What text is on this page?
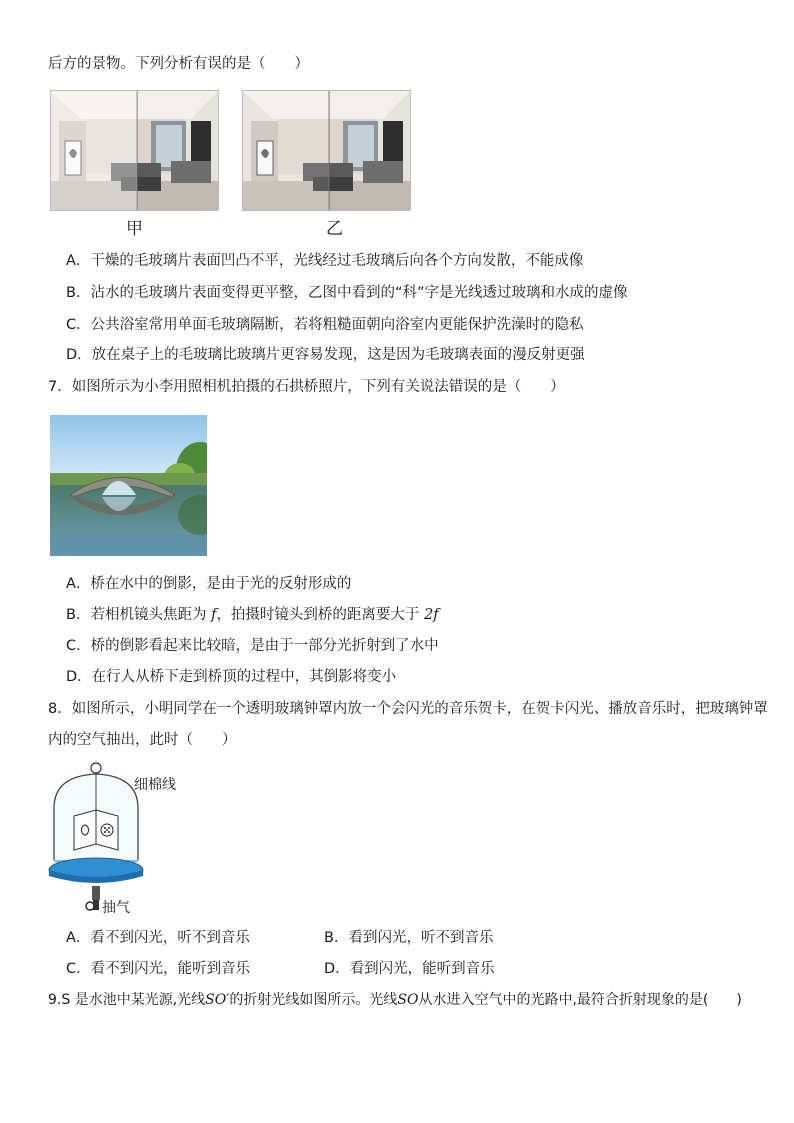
后方的景物。下列分析有误的是（　　）
甲	乙
A．干燥的毛玻璃片表面凹凸不平，光线经过毛玻璃后向各个方向发散，不能成像
B．沾水的毛玻璃片表面变得更平整，乙图中看到的“科”字是光线透过玻璃和水成的虚像
C．公共浴室常用单面毛玻璃隔断，若将粗糙面朝向浴室内更能保护洗澡时的隐私
D．放在桌子上的毛玻璃比玻璃片更容易发现，这是因为毛玻璃表面的漫反射更强
7．如图所示为小李用照相机拍摄的石拱桥照片，下列有关说法错误的是（　　）
A．桥在水中的倒影，是由于光的反射形成的
B．若相机镜头焦距为 f，拍摄时镜头到桥的距离要大于 2f
C．桥的倒影看起来比较暗，是由于一部分光折射到了水中
D．在行人从桥下走到桥顶的过程中，其倒影将变小
8．如图所示，小明同学在一个透明玻璃钟罩内放一个会闪光的音乐贺卡，在贺卡闪光、播放音乐时，把玻璃钟罩
内的空气抽出，此时（　　）
细棉线
抽气
A．看不到闪光，听不到音乐	B．看到闪光，听不到音乐
C．看不到闪光，能听到音乐	D．看到闪光，能听到音乐
9.S 是水池中某光源,光线SO′的折射光线如图所示。光线SO从水进入空气中的光路中,最符合折射现象的是(　　)
